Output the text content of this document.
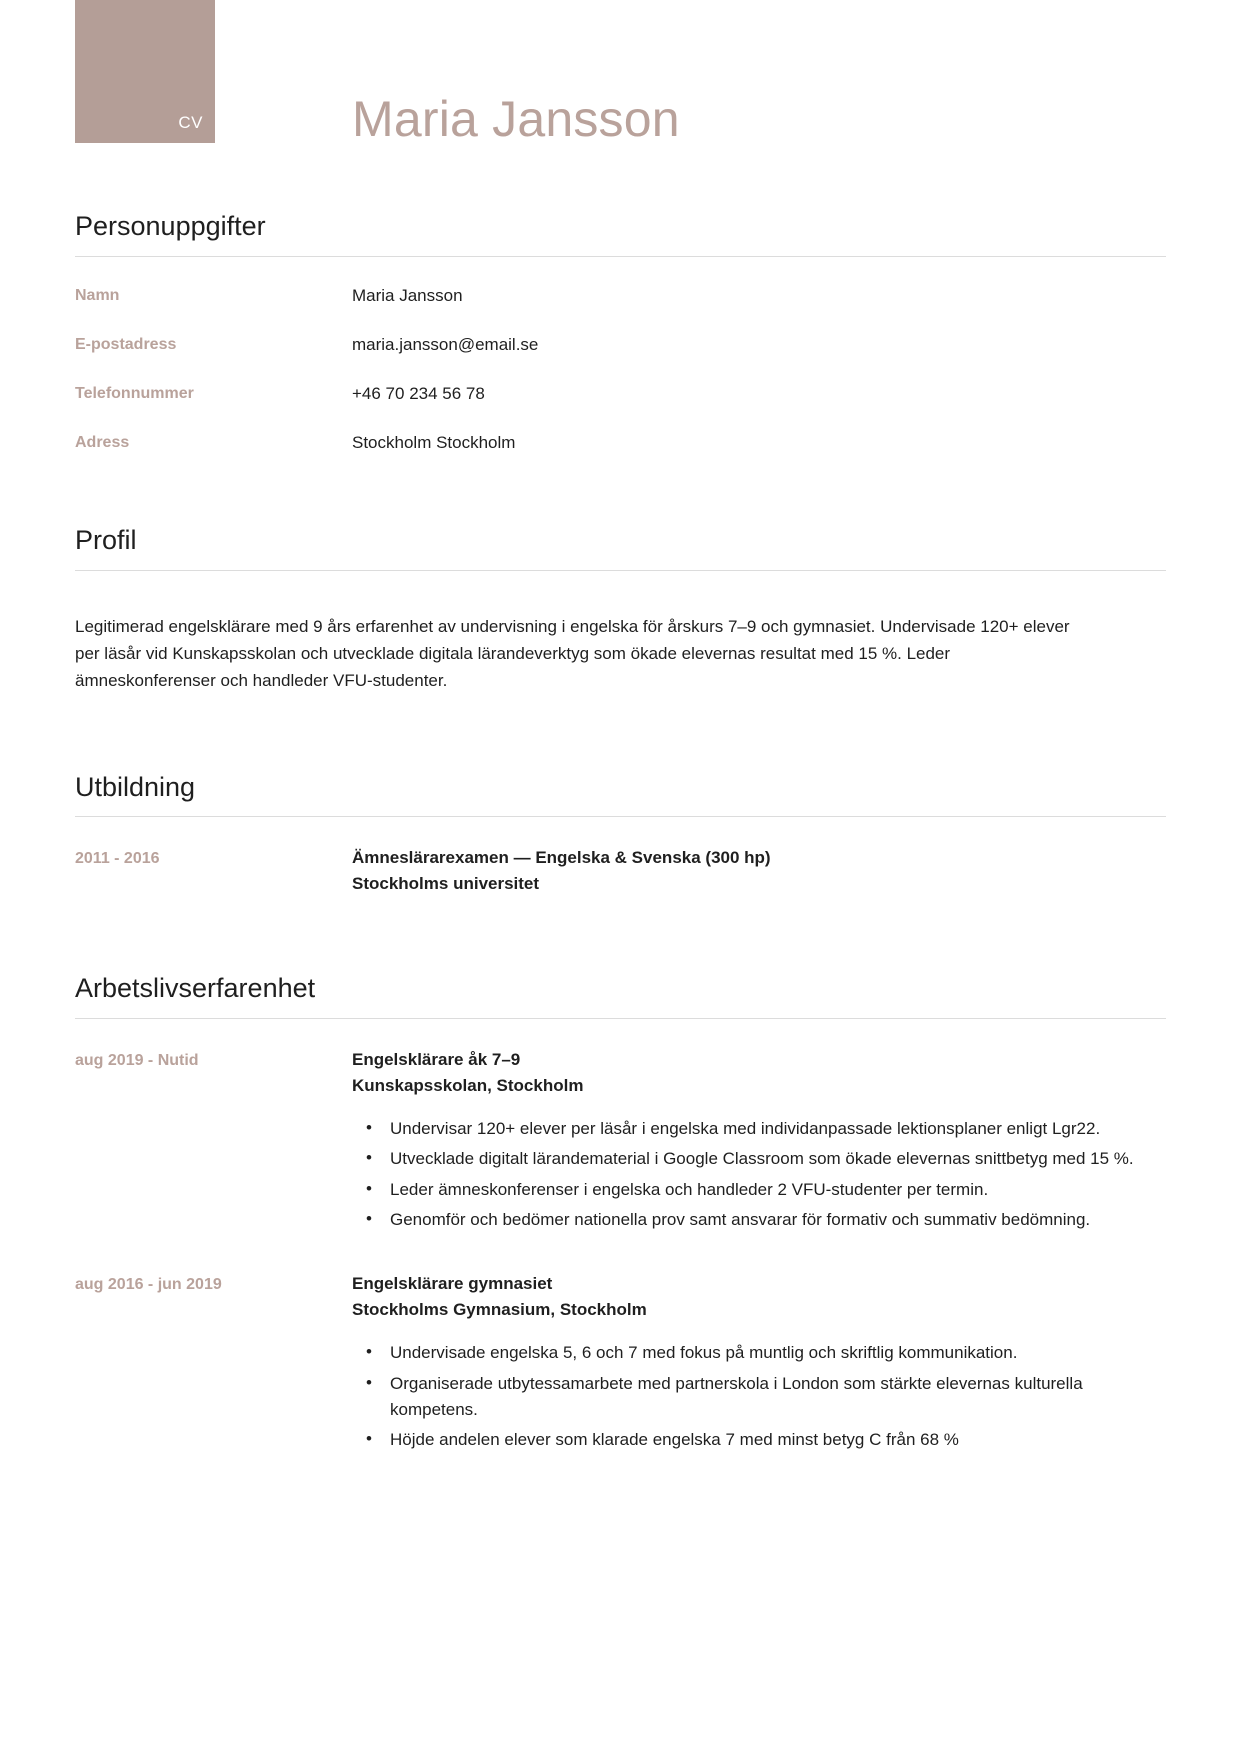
CV	Maria Jansson
Personuppgifter
Namn	Maria Jansson
E-postadress	maria.jansson@email.se
Telefonnummer	+46 70 234 56 78
Adress	Stockholm Stockholm
Profil

Legitimerad engelsklärare med 9 års erfarenhet av undervisning i engelska för årskurs 7–9 och gymnasiet. Undervisade 120+ elever per läsår vid Kunskapsskolan och utvecklade digitala lärandeverktyg som ökade elevernas resultat med 15 %. Leder ämneskonferenser och handleder VFU-studenter.

Utbildning
2011 - 2016	Ämneslärarexamen — Engelska & Svenska (300 hp)
Stockholms universitet
Arbetslivserfarenhet
aug 2019 - Nutid	Engelsklärare åk 7–9
Kunskapsskolan, Stockholm
• Undervisar 120+ elever per läsår i engelska med individanpassade lektionsplaner enligt Lgr22.
• Utvecklade digitalt lärandematerial i Google Classroom som ökade elevernas snittbetyg med 15 %.
• Leder ämneskonferenser i engelska och handleder 2 VFU-studenter per termin.
• Genomför och bedömer nationella prov samt ansvarar för formativ och summativ bedömning.
aug 2016 - jun 2019	Engelsklärare gymnasiet
Stockholms Gymnasium, Stockholm
• Undervisade engelska 5, 6 och 7 med fokus på muntlig och skriftlig kommunikation.
• Organiserade utbytessamarbete med partnerskola i London som stärkte elevernas kulturella kompetens.
• Höjde andelen elever som klarade engelska 7 med minst betyg C från 68 %
